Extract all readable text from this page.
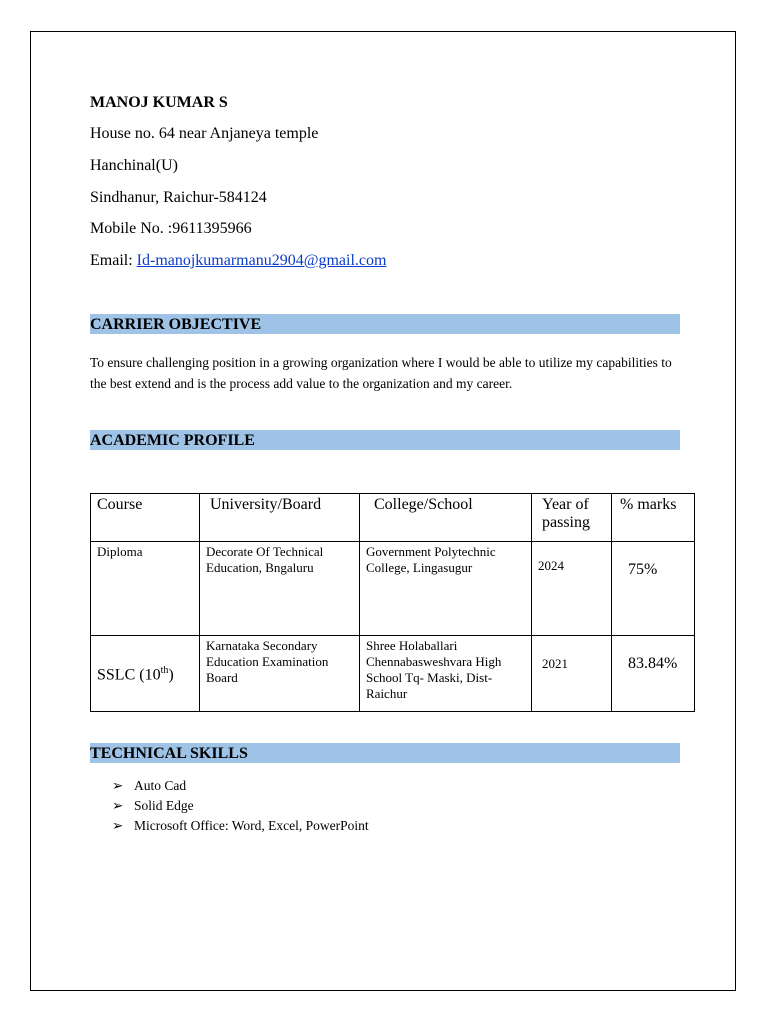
MANOJ KUMAR S
House no. 64 near Anjaneya temple
Hanchinal(U)
Sindhanur, Raichur-584124
Mobile No. :9611395966
Email: Id-manojkumarmanu2904@gmail.com
CARRIER OBJECTIVE
To ensure challenging position in a growing organization where I would be able to utilize my capabilities to the best extend and is the process add value to the organization and my career.
ACADEMIC PROFILE
Course	University/Board	College/School	Year of passing	% marks
Diploma	Decorate Of Technical Education, Bngaluru	Government Polytechnic College, Lingasugur	2024	75%
SSLC (10th)	Karnataka Secondary Education Examination Board	Shree Holaballari Chennabasweshvara High School Tq- Maski, Dist- Raichur	2021	83.84%
TECHNICAL SKILLS
➢ Auto Cad
➢ Solid Edge
➢ Microsoft Office: Word, Excel, PowerPoint
